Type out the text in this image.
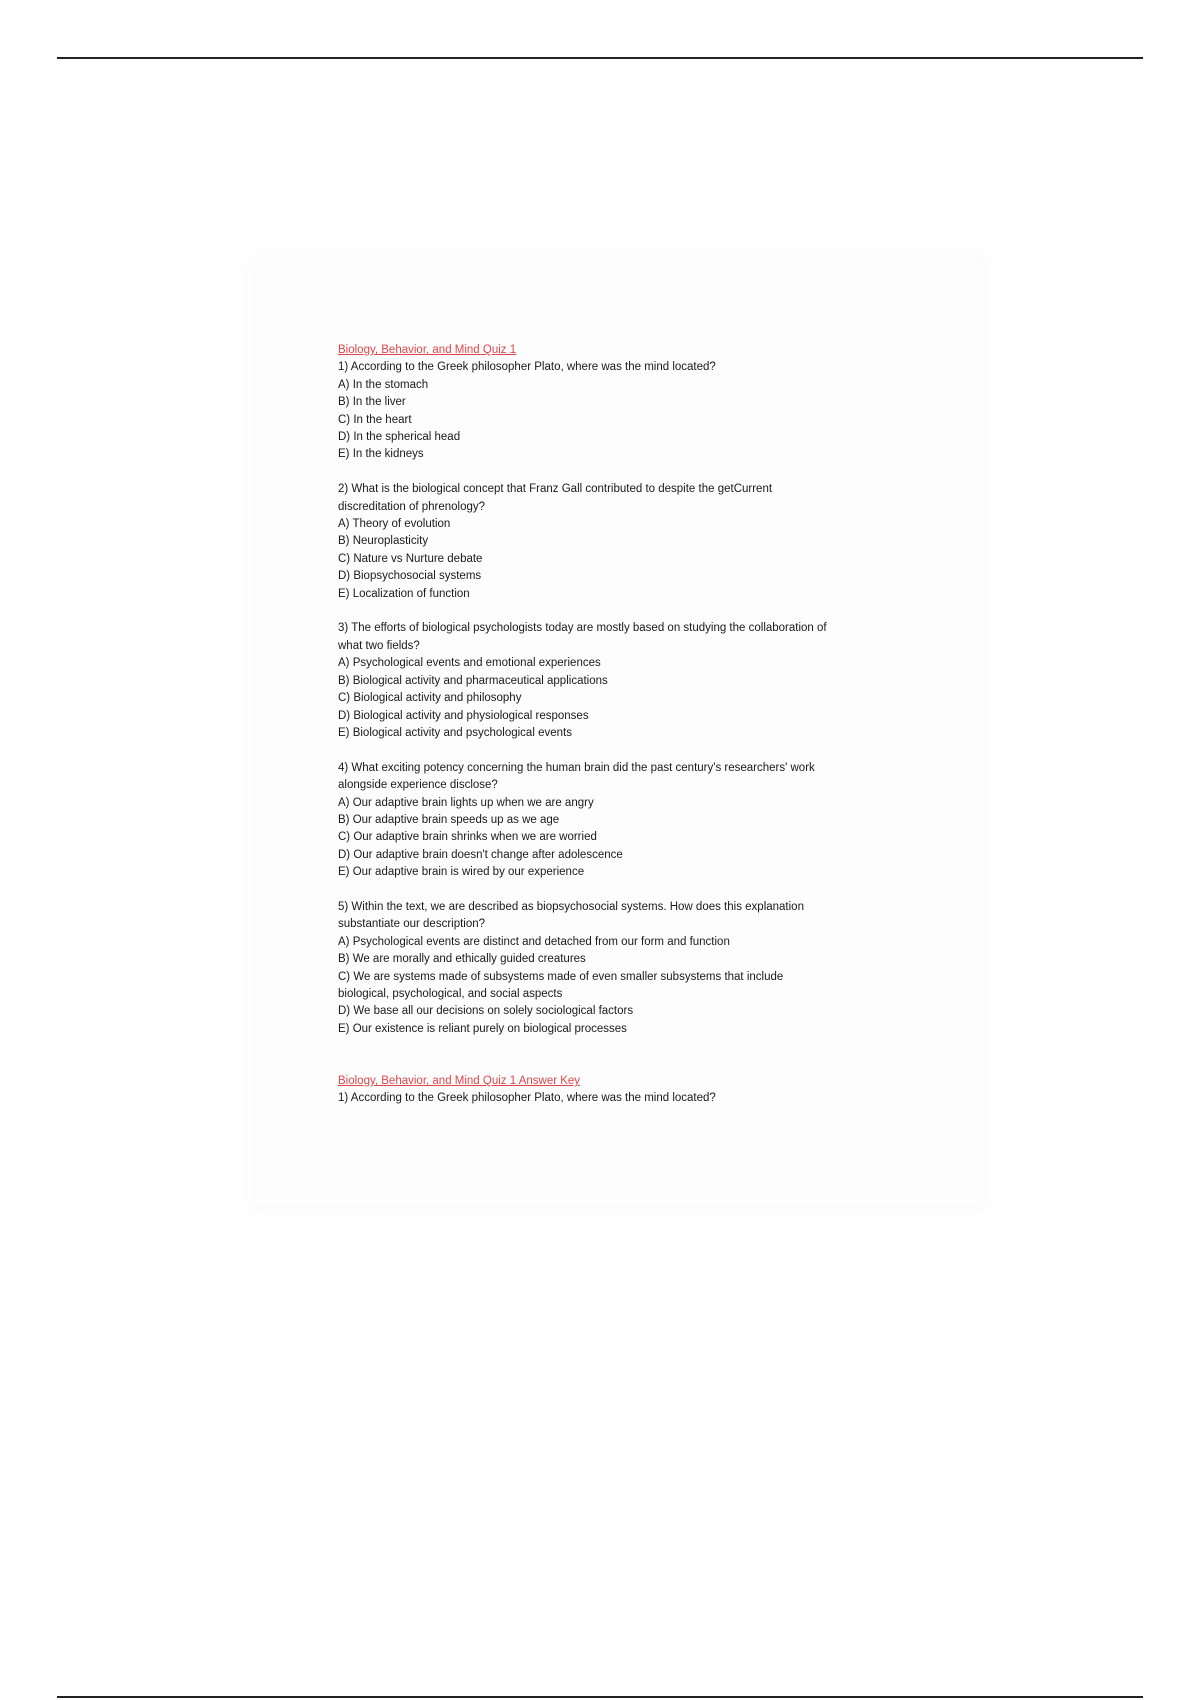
Biology, Behavior, and Mind Quiz 1
1) According to the Greek philosopher Plato, where was the mind located?
A) In the stomach
B) In the liver
C) In the heart
D) In the spherical head
E) In the kidneys
2) What is the biological concept that Franz Gall contributed to despite the getCurrent
discreditation of phrenology?
A) Theory of evolution
B) Neuroplasticity
C) Nature vs Nurture debate
D) Biopsychosocial systems
E) Localization of function
3) The efforts of biological psychologists today are mostly based on studying the collaboration of
what two fields?
A) Psychological events and emotional experiences
B) Biological activity and pharmaceutical applications
C) Biological activity and philosophy
D) Biological activity and physiological responses
E) Biological activity and psychological events
4) What exciting potency concerning the human brain did the past century's researchers' work
alongside experience disclose?
A) Our adaptive brain lights up when we are angry
B) Our adaptive brain speeds up as we age
C) Our adaptive brain shrinks when we are worried
D) Our adaptive brain doesn't change after adolescence
E) Our adaptive brain is wired by our experience
5) Within the text, we are described as biopsychosocial systems. How does this explanation
substantiate our description?
A) Psychological events are distinct and detached from our form and function
B) We are morally and ethically guided creatures
C) We are systems made of subsystems made of even smaller subsystems that include
biological, psychological, and social aspects
D) We base all our decisions on solely sociological factors
E) Our existence is reliant purely on biological processes
Biology, Behavior, and Mind Quiz 1 Answer Key
1) According to the Greek philosopher Plato, where was the mind located?
